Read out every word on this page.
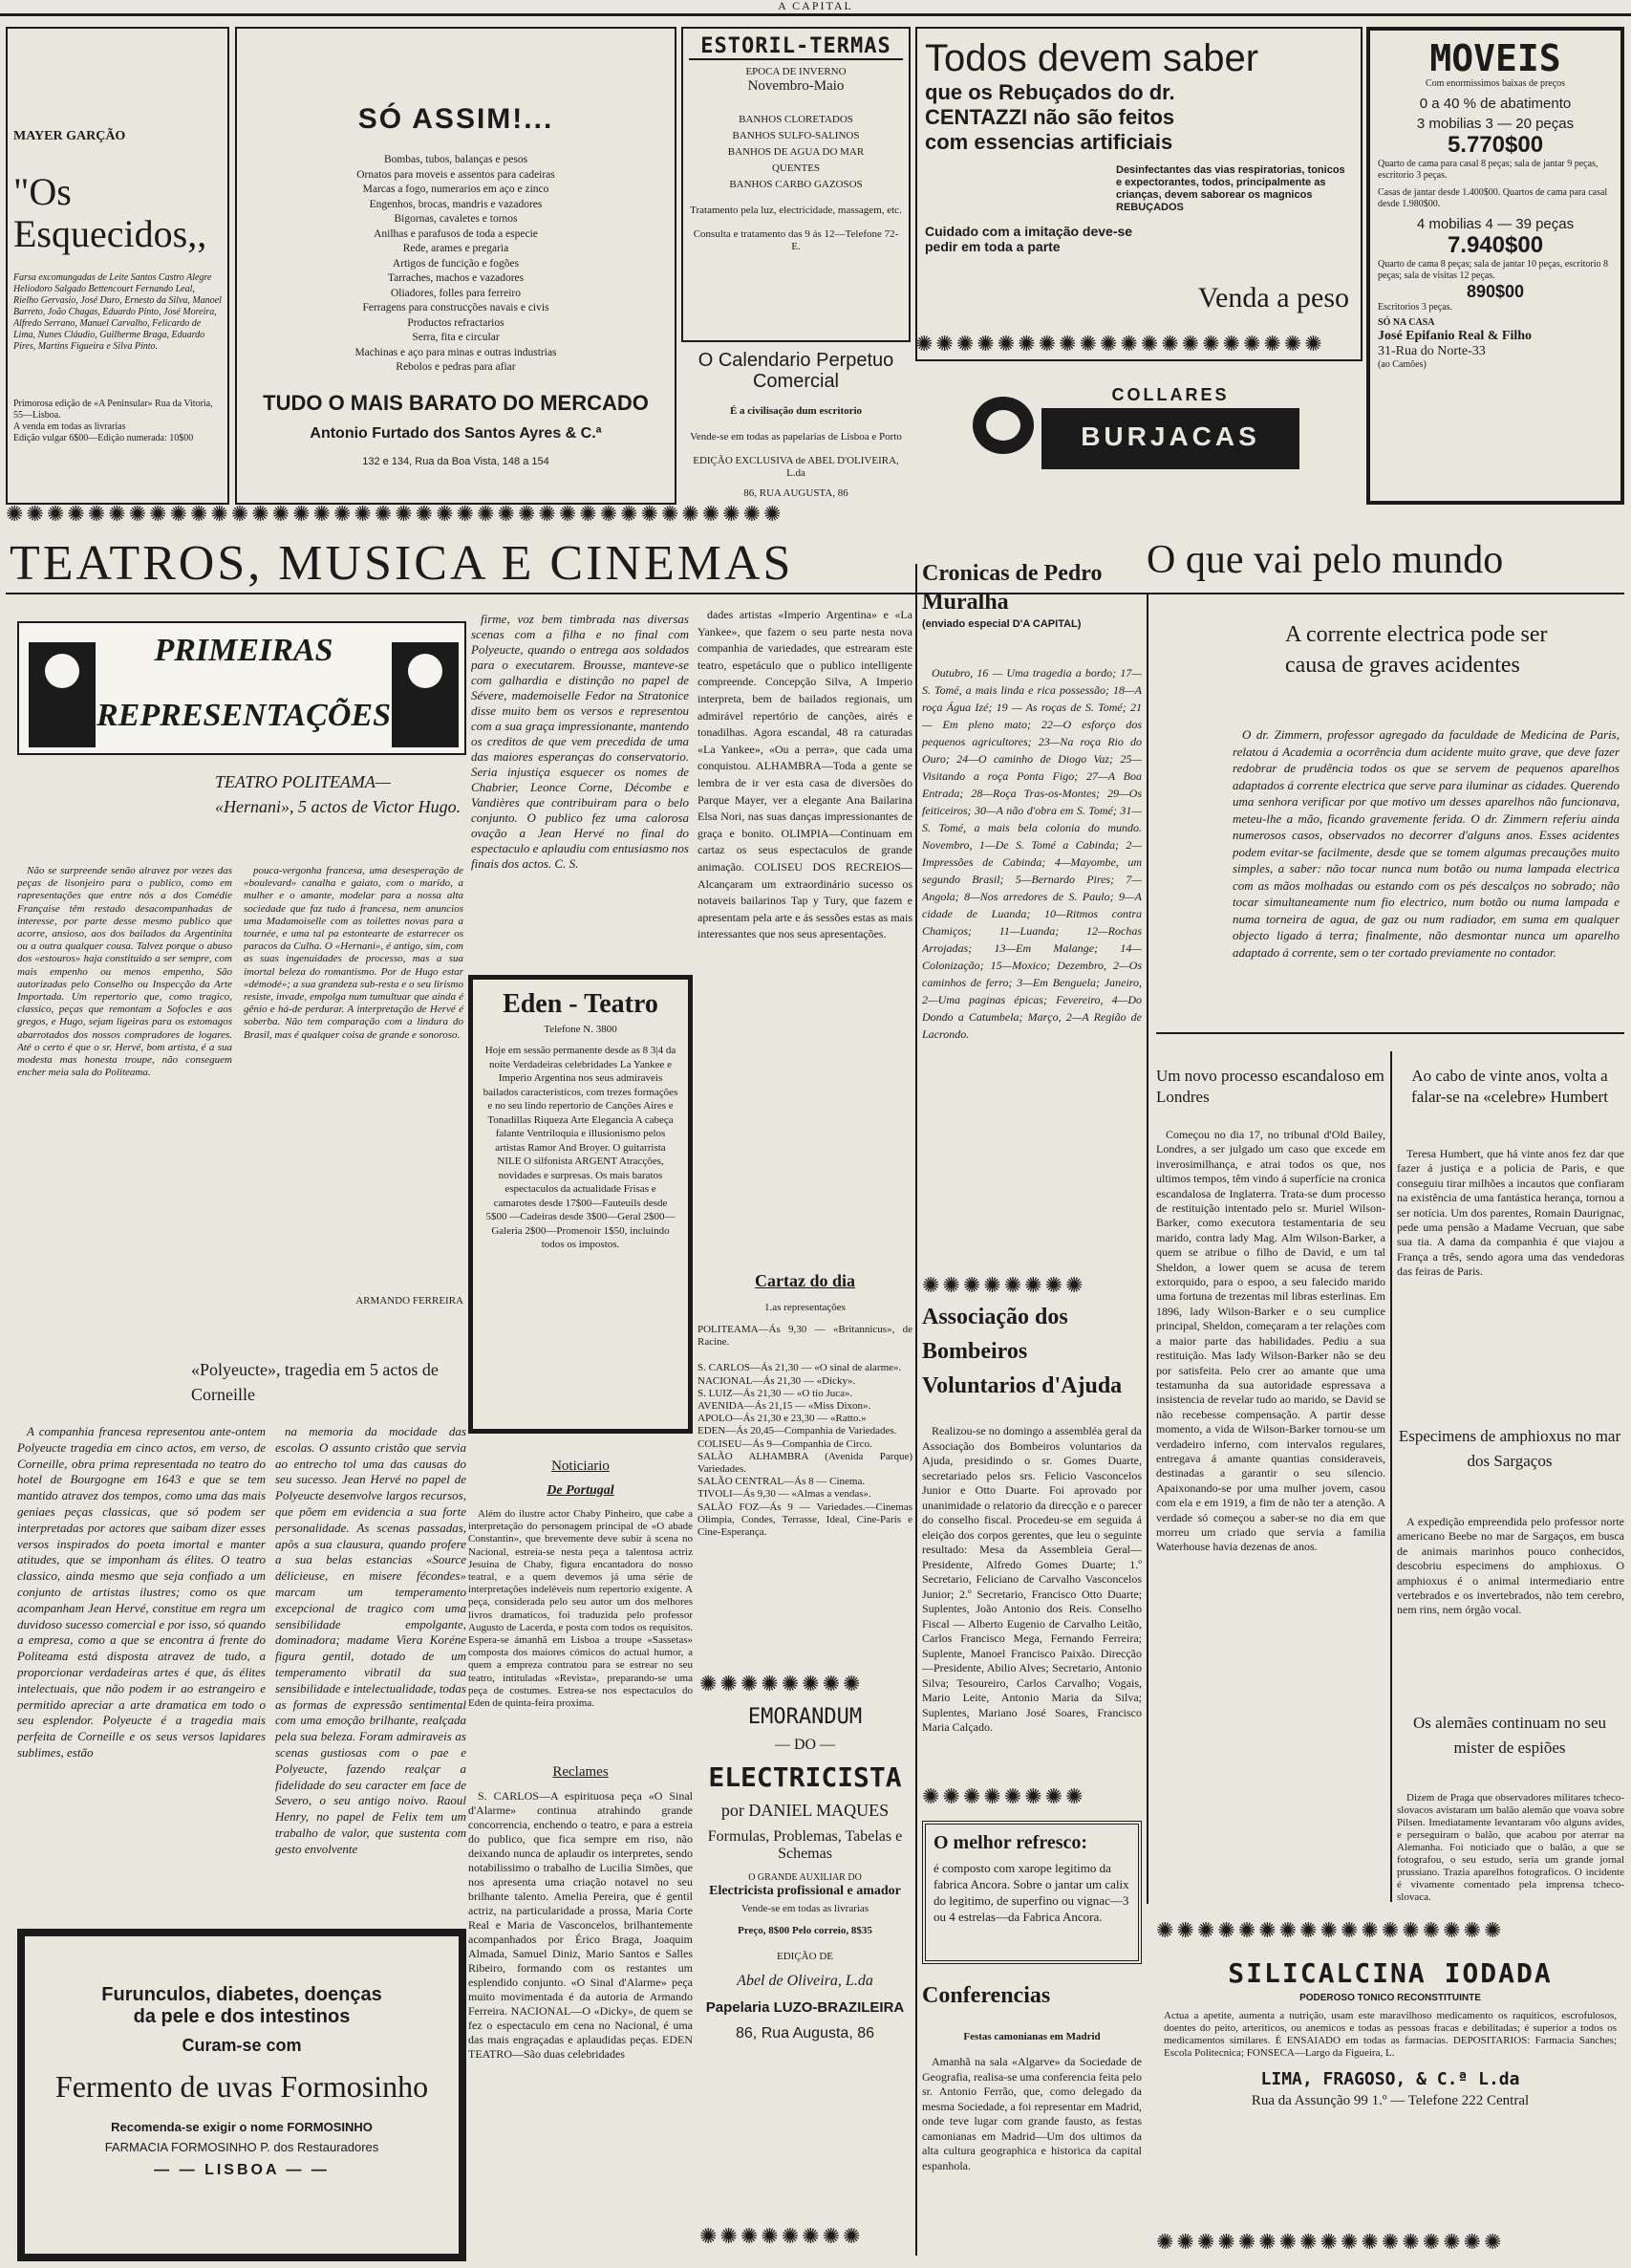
A CAPITAL
MAYER GARÇÃO
"Os Esquecidos,,
Farsa excomungadas de Leite Santos Castro Alegre Heliodoro Salgado Bettencourt Fernando Leal, Rielho Gervasio, José Duro, Ernesto da Silva, Manoel Barreto, João Chagas, Eduardo Pinto, José Moreira, Alfredo Serrano, Manuel Carvalho, Felicardo de Lima, Nunes Cláudio, Guilherme Braga, Eduardo Pires, Martins Figueira e Silva Pinto.
Primorosa edição de «A Peninsular» Rua da Vitoria, 55—Lisboa.
A venda em todas as livrarias
Edição vulgar 6$00—Edição numerada: 10$00
SÓ ASSIM!...
Bombas, tubos, balanças e pesos
Ornatos para moveis e assentos para cadeiras
Marcas a fogo, numerarios em aço e zinco
Engenhos, brocas, mandris e vazadores
Bigornas, cavaletes e tornos
Anilhas e parafusos de toda a especie
Rede, arames e pregaria
Artigos de funcição e fogões
Tarraches, machos e vazadores
Oliadores, folles para ferreiro
Ferragens para construcções navais e civis
Productos refractarios
Serra, fita e circular
Machinas e aço para minas e outras industrias
Rebolos e pedras para afiar
TUDO O MAIS BARATO DO MERCADO
Antonio Furtado dos Santos Ayres & C.ª
132 e 134, Rua da Boa Vista, 148 a 154
ESTORIL-TERMAS
EPOCA DE INVERNO
Novembro-Maio
BANHOS CLORETADOS
BANHOS SULFO-SALINOS
BANHOS DE AGUA DO MAR
QUENTES
BANHOS CARBO GAZOSOS
Tratamento pela luz, electricidade, massagem, etc.
Consulta e tratamento das 9 ás 12—Telefone 72-E.
O Calendario Perpetuo Comercial
É a civilisação dum escritorio
Vende-se em todas as papelarias de Lisboa e Porto
EDIÇÃO EXCLUSIVA de ABEL D'OLIVEIRA, L.da
86, RUA AUGUSTA, 86
Todos devem saber
que os Rebuçados do dr.
CENTAZZI não são feitos
com essencias artificiais
Desinfectantes das vias respiratorias, tonicos e expectorantes, todos, principalmente as crianças, devem saborear os magnicos REBUÇADOS
Cuidado com a imitação deve-se pedir em toda a parte
Venda a peso
COLLARES
BURJACAS
MOVEIS
Com enormissimos baixas de preços
0 a 40 % de abatimento
3 mobilias 3 — 20 peças
5.770$00
Quarto de cama para casal 8 peças; sala de jantar 9 peças, escritorio 3 peças.
Casas de jantar desde 1.400$00. Quartos de cama para casal desde 1.980$00.
4 mobilias 4 — 39 peças
7.940$00
Quarto de cama 8 peças; sala de jantar 10 peças, escritorio 8 peças; sala de visitas 12 peças.
890$00
Escritorios 3 peças.
SÓ NA CASA
José Epifanio Real & Filho
31-Rua do Norte-33
(ao Camões)
✺✺✺✺✺✺✺✺✺✺✺✺✺✺✺✺✺✺✺✺✺✺✺✺✺✺✺✺✺✺✺✺✺✺✺✺✺✺
✺✺✺✺✺✺✺✺✺✺✺✺✺✺✺✺✺✺✺✺
TEATROS, MUSICA E CINEMAS	O que vai pelo mundo
PRIMEIRAS
REPRESENTAÇÕES
TEATRO POLITEAMA— «Hernani», 5 actos de Victor Hugo.

Não se surpreende senão alravez por vezes das peças de lisonjeiro para o publico, como em rapresentações que entre nós a dos Comédie Française têm restado desacompanhadas de interesse, por parte desse mesmo publico que acorre, ansioso, aos dos bailados da Argentinita ou a outra qualquer cousa. Talvez porque o abuso dos «estouros» haja constituido a ser sempre, com mais empenho ou menos empenho, São autorizadas pelo Conselho ou Inspecção da Arte Importada. Um repertorio que, como tragico, classico, peças que remontam a Sofocles e aos gregos, e Hugo, sejam ligeiras para os estomagos abarrotados dos nossos compradores de logares. Até o certo é que o sr. Hervé, bom artista, é a sua modesta mas honesta troupe, não conseguem encher meia sala do Politeama.

pouca-vergonha francesa, uma desesperação de «boulevard» canalha e gaiato, com o marido, a mulher e o amante, modelar para a nossa alta sociedade que faz tudo á francesa, nem anuncios uma Madamoiselle com as toilettes novas para a tournée, e uma tal pa estontearte de estarrecer os paracos da Culha. O «Hernani», é antigo, sim, com as suas ingenuidades de processo, mas a sua imortal beleza do romantismo. Por de Hugo estar «démodé»; a sua grandeza sub-resta e o seu lirismo resiste, invade, empolga num tumultuar que ainda é gênio e há-de perdurar. A interpretação de Hervé é soberba. Não tem comparação com a lindura do Brasil, mas é qualquer coisa de grande e sonoroso.

ARMANDO FERREIRA

firme, voz bem timbrada nas diversas scenas com a filha e no final com Polyeucte, quando o entrega aos soldados para o executarem. Brousse, manteve-se com galhardia e distinção no papel de Sévere, mademoiselle Fedor na Stratonice disse muito bem os versos e representou com a sua graça impressionante, mantendo os creditos de que vem precedida de uma das maiores esperanças do conservatorio. Seria injustiça esquecer os nomes de Chabrier, Leonce Corne, Décombe e Vandières que contribuiram para o belo conjunto. O publico fez uma calorosa ovação a Jean Hervé no final do espectaculo e aplaudiu com entusiasmo nos finais dos actos. C. S.

«Polyeucte», tragedia em 5 actos de Corneille

A companhia francesa representou ante-ontem Polyeucte tragedia em cinco actos, em verso, de Corneille, obra prima representada no teatro do hotel de Bourgogne em 1643 e que se tem mantido atravez dos tempos, como uma das mais geniaes peças classicas, que só podem ser interpretadas por actores que saibam dizer esses versos inspirados do poeta imortal e manter atitudes, que se imponham ás élites. O teatro classico, ainda mesmo que seja confiado a um conjunto de artistas ilustres; como os que acompanham Jean Hervé, constitue em regra um duvidoso sucesso comercial e por isso, só quando a empresa, como a que se encontra á frente do Politeama está disposta atravez de tudo, a proporcionar verdadeiras artes é que, ás élites intelectuais, que não podem ir ao estrangeiro e permitido apreciar a arte dramatica em todo o seu esplendor. Polyeucte é a tragedia mais perfeita de Corneille e os seus versos lapidares sublimes, estão

na memoria da mocidade das escolas. O assunto cristão que servia ao entrecho tol uma das causas do seu sucesso. Jean Hervé no papel de Polyeucte desenvolve largos recursos, que põem em evidencia a sua forte personalidade. As scenas passadas, apôs a sua clausura, quando profere a sua belas estancias «Source délicieuse, en misere fécondes» marcam um temperamento excepcional de tragico com uma sensibilidade empolgante, dominadora; madame Viera Koréne figura gentil, dotado de um temperamento vibratil da sua sensibilidade e intelectualidade, todas as formas de expressão sentimental com uma emoção brilhante, realçada pela sua beleza. Foram admiraveis as scenas gustiosas com o pae e Polyeucte, fazendo realçar a fidelidade do seu caracter em face de Severo, o seu antigo noivo. Raoul Henry, no papel de Felix tem um trabalho de valor, que sustenta com gesto envolvente

Eden - Teatro
Telefone N. 3800
Hoje em sessão permanente desde as 8 3|4 da noite Verdadeiras celebridades La Yankee e Imperio Argentina nos seus admiraveis bailados característicos, com trezes formações e no seu lindo repertorio de Canções Aires e Tonadillas Riqueza Arte Elegancia A cabeça falante Ventriloquia e illusionismo pelos artistas Ramor And Broyer. O guitarrista NILE O silfonista ARGENT Atracções, novidades e surpresas. Os mais baratos espectaculos da actualidade Frisas e camarotes desde 17$00—Fauteuils desde 5$00 —Cadeiras desde 3$00—Geral 2$00—Galeria 2$00—Promenoir 1$50, incluindo todos os impostos.
Noticiario
De Portugal

Além do ilustre actor Chaby Pinheiro, que cabe a interpretação do personagem principal de «O abade Constantin», que brevemente deve subir á scena no Nacional, estreia-se nesta peça a talentosa actriz Jesuína de Chaby, figura encantadora do nosso teatral, e a quem devemos já uma série de interpretações indeléveis num repertorio exigente. A peça, considerada pelo seu autor um dos melhores livros dramaticos, foi traduzida pelo professor Augusto de Lacerda, e posta com todos os requisitos. Espera-se ámanhã em Lisboa a troupe «Sassetas» composta dos maiores cómicos do actual humor, a quem a empreza contratou para se estrear no seu teatro, intituladas «Revista», preparando-se uma peça de costumes. Estrea-se nos espectaculos do Eden de quinta-feira proxima.

Reclames

S. CARLOS—A espirituosa peça «O Sinal d'Alarme» continua atrahindo grande concorrencia, enchendo o teatro, e para a estreia do publico, que fica sempre em riso, não deixando nunca de aplaudir os interpretes, sendo notabilissimo o trabalho de Lucilia Simões, que nos apresenta uma criação notavel no seu brilhante talento. Amelia Pereira, que é gentil actriz, na particularidade a prossa, Maria Corte Real e Maria de Vasconcelos, brilhantemente acompanhados por Érico Braga, Joaquim Almada, Samuel Diniz, Mario Santos e Salles Ribeiro, formando com os restantes um esplendido conjunto. «O Sinal d'Alarme» peça muito movimentada é da autoria de Armando Ferreira. NACIONAL—O «Dicky», de quem se fez o espectaculo em cena no Nacional, é uma das mais engraçadas e aplaudidas peças. EDEN TEATRO—São duas celebridades

dades artistas «Imperio Argentina» e «La Yankee», que fazem o seu parte nesta nova companhia de variedades, que estrearam este teatro, espetáculo que o publico intelligente compreende. Concepção Silva, A Imperio interpreta, bem de bailados regionais, um admirável repertório de canções, airés e tonadilhas. Agora escandal, 48 ra caturadas «La Yankee», «Ou a perra», que cada uma conquistou. ALHAMBRA—Toda a gente se lembra de ir ver esta casa de diversões do Parque Mayer, ver a elegante Ana Bailarina Elsa Nori, nas suas danças impressionantes de graça e bonito. OLIMPIA—Continuam em cartaz os seus espectaculos de grande animação. COLISEU DOS RECREIOS—Alcançaram um extraordinário sucesso os notaveis bailarinos Tap y Tury, que fazem e apresentam pela arte e ás sessões estas as mais interessantes que nos seus apresentações.

Cartaz do dia
1.as representações
POLITEAMA—Ás 9,30 — «Britannicus», de Racine.
S. CARLOS—Ás 21,30 — «O sinal de alarme».
NACIONAL—Ás 21,30 — «Dicky».
S. LUIZ—Ás 21,30 — «O tio Juca».
AVENIDA—Ás 21,15 — «Miss Dixon».
APOLO—Ás 21,30 e 23,30 — «Ratto.»
EDEN—Ás 20,45—Companhia de Variedades.
COLISEU—Ás 9—Companhia de Circo.
SALÃO ALHAMBRA (Avenida Parque) Variedades.
SALÃO CENTRAL—Ás 8 — Cinema.
TIVOLI—Ás 9,30 — «Almas a vendas».
SALÃO FOZ—Ás 9 — Variedades.—Cinemas Olimpia, Condes, Terrasse, Ideal, Cine-Paris e Cine-Esperança.
✺✺✺✺✺✺✺✺
EMORANDUM
— DO —
ELECTRICISTA
por DANIEL MAQUES
Formulas, Problemas, Tabelas e Schemas
O GRANDE AUXILIAR DO
Electricista profissional e amador
Vende-se em todas as livrarias
Preço, 8$00 Pelo correio, 8$35
EDIÇÃO DE
Abel de Oliveira, L.da
Papelaria LUZO-BRAZILEIRA
86, Rua Augusta, 86
✺✺✺✺✺✺✺✺
Cronicas de Pedro Muralha
(enviado especial D'A CAPITAL)

Outubro, 16 — Uma tragedia a bordo; 17—S. Tomé, a mais linda e rica possessão; 18—A roça Água Izé; 19 — As roças de S. Tomé; 21 — Em pleno mato; 22—O esforço dos pequenos agricultores; 23—Na roça Rio do Ouro; 24—O caminho de Diogo Vaz; 25—Visitando a roça Ponta Figo; 27—A Boa Entrada; 28—Roça Tras-os-Montes; 29—Os feiticeiros; 30—A não d'obra em S. Tomé; 31—S. Tomé, a mais bela colonia do mundo. Novembro, 1—De S. Tomé a Cabinda; 2—Impressões de Cabinda; 4—Mayombe, um segundo Brasil; 5—Bernardo Pires; 7—Angola; 8—Nos arredores de S. Paulo; 9—A cidade de Luanda; 10—Ritmos contra Chamiços; 11—Luanda; 12—Rochas Arrojadas; 13—Em Malange; 14—Colonização; 15—Moxico; Dezembro, 2—Os caminhos de ferro; 3—Em Benguela; Janeiro, 2—Uma paginas épicas; Fevereiro, 4—Do Dondo a Catumbela; Março, 2—A Região de Lacrondo.

✺✺✺✺✺✺✺✺
Associação dos Bombeiros Voluntarios d'Ajuda

Realizou-se no domingo a assembléa geral da Associação dos Bombeiros voluntarios da Ajuda, presidindo o sr. Gomes Duarte, secretariado pelos srs. Felicio Vasconcelos Junior e Otto Duarte. Foi aprovado por unanimidade o relatorio da direcção e o parecer do conselho fiscal. Procedeu-se em seguida á eleição dos corpos gerentes, que leu o seguinte resultado: Mesa da Assembleia Geral—Presidente, Alfredo Gomes Duarte; 1.º Secretario, Feliciano de Carvalho Vasconcelos Junior; 2.º Secretario, Francisco Otto Duarte; Suplentes, João Antonio dos Reis. Conselho Fiscal — Alberto Eugenio de Carvalho Leitão, Carlos Francisco Mega, Fernando Ferreira; Suplente, Manoel Francisco Paixão. Direcção—Presidente, Abilio Alves; Secretario, Antonio Silva; Tesoureiro, Carlos Carvalho; Vogais, Mario Leite, Antonio Maria da Silva; Suplentes, Mariano José Soares, Francisco Maria Calçado.

✺✺✺✺✺✺✺✺
O melhor refresco:
é composto com xarope legitimo da fabrica Ancora. Sobre o jantar um calix do legitimo, de superfino ou vignac—3 ou 4 estrelas—da Fabrica Ancora.
Conferencias
Festas camonianas em Madrid

Amanhã na sala «Algarve» da Sociedade de Geografia, realisa-se uma conferencia feita pelo sr. Antonio Ferrão, que, como delegado da mesma Sociedade, a foi representar em Madrid, onde teve lugar com grande fausto, as festas camonianas em Madrid—Um dos ultimos da alta cultura geographica e historica da capital espanhola.

A corrente electrica pode ser causa de graves acidentes

O dr. Zimmern, professor agregado da faculdade de Medicina de Paris, relatou á Academia a ocorrência dum acidente muito grave, que deve fazer redobrar de prudência todos os que se servem de pequenos aparelhos adaptados á corrente electrica que serve para iluminar as cidades. Querendo uma senhora verificar por que motivo um desses aparelhos não funcionava, meteu-lhe a mão, ficando gravemente ferida. O dr. Zimmern referiu ainda numerosos casos, observados no decorrer d'alguns anos. Esses acidentes podem evitar-se facilmente, desde que se tomem algumas precauções muito simples, a saber: não tocar nunca num botão ou numa lampada electrica com as mãos molhadas ou estando com os pés descalços no sobrado; não tocar simultaneamente num fio electrico, num botão ou numa lampada e numa torneira de agua, de gaz ou num radiador, em suma em qualquer objecto ligado á terra; finalmente, não desmontar nunca um aparelho adaptado á corrente, sem o ter cortado previamente no contador.

Um novo processo escandaloso em Londres

Começou no dia 17, no tribunal d'Old Bailey, Londres, a ser julgado um caso que excede em inverosimilhança, e atrai todos os que, nos ultimos tempos, têm vindo á superfície na cronica escandalosa de Inglaterra. Trata-se dum processo de restituição intentado pelo sr. Muriel Wilson-Barker, como executora testamentaria de seu marido, contra lady Mag. Alm Wilson-Barker, a quem se atribue o filho de David, e um tal Sheldon, a lower quem se acusa de terem extorquido, para o espoo, a seu falecido marido uma fortuna de trezentas mil libras esterlinas. Em 1896, lady Wilson-Barker e o seu cumplice principal, Sheldon, começaram a ter relações com a maior parte das habilidades. Pediu a sua restituição. Mas lady Wilson-Barker não se deu por satisfeita. Pelo crer ao amante que uma testamunha da sua autoridade espressava a insistencia de revelar tudo ao marido, se David se não recebesse compensação. A partir desse momento, a vida de Wilson-Barker tornou-se um verdadeiro inferno, com intervalos regulares, entregava á amante quantias consideraveis, destinadas a garantir o seu silencio. Apaixonando-se por uma mulher jovem, casou com ela e em 1919, a fim de não ter a atenção. A verdade só começou a saber-se no dia em que morreu um criado que servia a familia Waterhouse havia dezenas de anos.

Ao cabo de vinte anos, volta a falar-se na «celebre» Humbert

Teresa Humbert, que há vinte anos fez dar que fazer á justiça e a policia de Paris, e que conseguiu tirar milhões a incautos que confiaram na existência de uma fantástica herança, tornou a ser notícia. Um dos parentes, Romain Daurignac, pede uma pensão a Madame Vecruan, que sabe sua tia. A dama da companhia é que viajou a França a três, sendo agora uma das vendedoras das feiras de Paris.

Especimens de amphioxus no mar dos Sargaços

A expedição empreendida pelo professor norte americano Beebe no mar de Sargaços, em busca de animais marinhos pouco conhecidos, descobriu especimens do amphioxus. O amphioxus é o animal intermediario entre vertebrados e os invertebrados, não tem cerebro, nem rins, nem órgão vocal.

Os alemães continuam no seu mister de espiões

Dizem de Praga que observadores militares tcheco-slovacos avistaram um balão alemão que voava sobre Pilsen. Imediatamente levantaram vôo alguns avides, e perseguiram o balão, que acabou por aterrar na Alemanha. Foi noticiado que o balão, a que se fotografou, o seu estudo, seria um grande jornal prussiano. Trazia aparelhos fotograficos. O incidente é vivamente comentado pela imprensa tcheco-slovaca.

Furunculos, diabetes, doenças
da pele e dos intestinos
Curam-se com
Fermento de uvas Formosinho
Recomenda-se exigir o nome FORMOSINHO
FARMACIA FORMOSINHO P. dos Restauradores
— — LISBOA — —
✺✺✺✺✺✺✺✺✺✺✺✺✺✺✺✺✺
SILICALCINA IODADA
PODEROSO TONICO RECONSTITUINTE
Actua a apetite, aumenta a nutrição, usam este maravilhoso medicamento os raquiticos, escrofulosos, doentes do peito, arteriticos, ou anemicos e todas as pessoas fracas e debilitadas; é superior a todos os medicamentos similares. É ENSAIADO em todas as farmacias. DEPOSITARIOS: Farmacia Sanches; Escola Politecnica; FONSECA—Largo da Figueira, L.
LIMA, FRAGOSO, & C.ª L.da
Rua da Assunção 99 1.º — Telefone 222 Central
✺✺✺✺✺✺✺✺✺✺✺✺✺✺✺✺✺
